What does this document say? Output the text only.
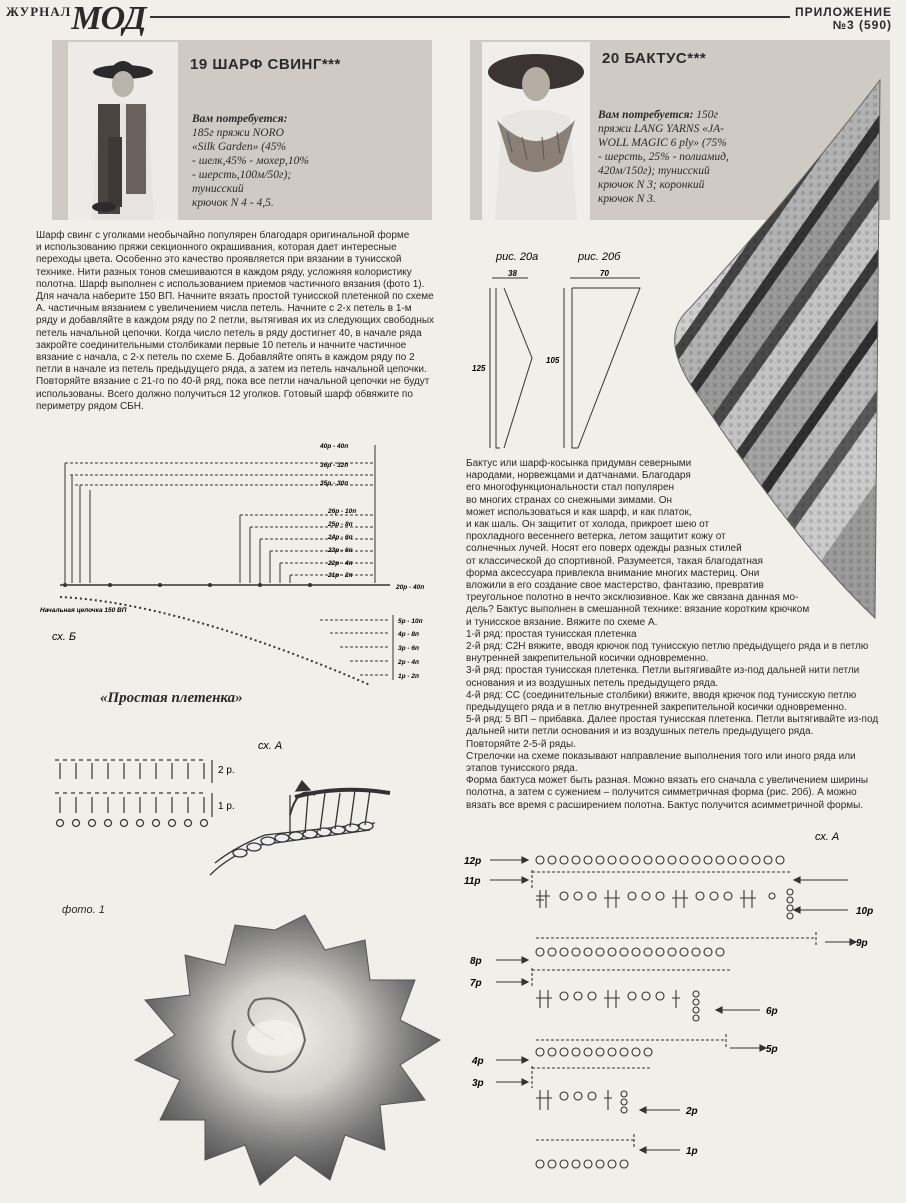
$^{ЖУРНАЛ}$МОД	ПРИЛОЖЕНИЕ
№3 (590)
19 ШАРФ СВИНГ***
Вам потребуется:
185г пряжи NORO
«Silk Garden» (45%
- шелк,45% - мохер,10%
- шерсть,100м/50г);
тунисский
крючок N 4 - 4,5.
Шарф свинг с уголками необычайно популярен благодаря оригинальной форме
и использованию пряжи секционного окрашивания, которая дает интересные
переходы цвета. Особенно это качество проявляется при вязании в тунисской
технике. Нити разных тонов смешиваются в каждом ряду, усложняя колористику
полотна. Шарф выполнен с использованием приемов частичного вязания (фото 1).
Для начала наберите 150 ВП. Начните вязать простой тунисской плетенкой по схеме
А. частичным вязанием с увеличением числа петель. Начните с 2-х петель в 1-м
ряду и добавляйте в каждом ряду по 2 петли, вытягивая их из следующих свободных
петель начальной цепочки. Когда число петель в ряду достигнет 40, в начале ряда
закройте соединительными столбиками первые 10 петель и начните частичное
вязание с начала, с 2-х петель по схеме Б. Добавляйте опять в каждом ряду по 2
петли в начале из петель предыдущего ряда, а затем из петель начальной цепочки.
Повторяйте вязание с 21-го по 40-й ряд, пока все петли начальной цепочки не будут
использованы. Всего должно получиться 12 уголков. Готовый шарф обвяжите по
периметру рядом СБН.
40р - 40п
36р - 32п
35р - 30п
26р - 10п
25р - 8п
24р - 6п
23р - 6п
22р - 4п
21р - 2п
20р - 40п
Начальная цепочка 150 ВП
5р - 10п
4р - 8п
3р - 6п
2р - 4п
1р - 2п
сх. Б
«Простая плетенка»
2 р.
1 р.
сх. А
фото. 1
20 БАКТУС***
Вам потребуется: 150г
пряжи LANG YARNS «JA-
WOLL MAGIC 6 ply» (75%
- шерсть, 25% - полиамид,
420м/150г); тунисский
крючок N 3; коронкий
крючок N 3.
рис. 20а	рис. 20б
38	70
125
105
Бактус или шарф-косынка придуман северными
народами, норвежцами и датчанами. Благодаря
его многофункциональности стал популярен
во многих странах со снежными зимами. Он
может использоваться и как шарф, и как платок,
и как шаль. Он защитит от холода, прикроет шею от
прохладного весеннего ветерка, летом защитит кожу от
солнечных лучей. Носят его поверх одежды разных стилей
от классической до спортивной. Разумеется, такая благодатная
форма аксессуара привлекла внимание многих мастериц. Они
вложили в его создание свое мастерство, фантазию, превратив
треугольное полотно в нечто эксклюзивное. Как же связана данная мо-
дель? Бактус выполнен в смешанной технике: вязание коротким крючком
и тунисское вязание. Вяжите по схеме А.
1-й ряд: простая тунисская плетенка
2-й ряд: С2Н вяжите, вводя крючок под тунисскую петлю предыдущего ряда и в петлю
внутренней закрепительной косички одновременно.
3-й ряд: простая тунисская плетенка. Петли вытягивайте из-под дальней нити петли
основания и из воздушных петель предыдущего ряда.
4-й ряд: СС (соединительные столбики) вяжите, вводя крючок под тунисскую петлю
предыдущего ряда и в петлю внутренней закрепительной косички одновременно.
5-й ряд: 5 ВП – прибавка. Далее простая тунисская плетенка. Петли вытягивайте из-под
дальней нити петли основания и из воздушных петель предыдущего ряда.
Повторяйте 2-5-й ряды.
Стрелочки на схеме показывают направление выполнения того или иного ряда или
этапов тунисского ряда.
Форма бактуса может быть разная. Можно вязать его сначала с увеличением ширины
полотна, а затем с сужением – получится симметричная форма (рис. 20б). А можно
вязать все время с расширением полотна. Бактус получится асимметричной формы.
сх. А
12р
11р
10р
9р
8р
7р
6р
5р
4р
3р
2р
1р
